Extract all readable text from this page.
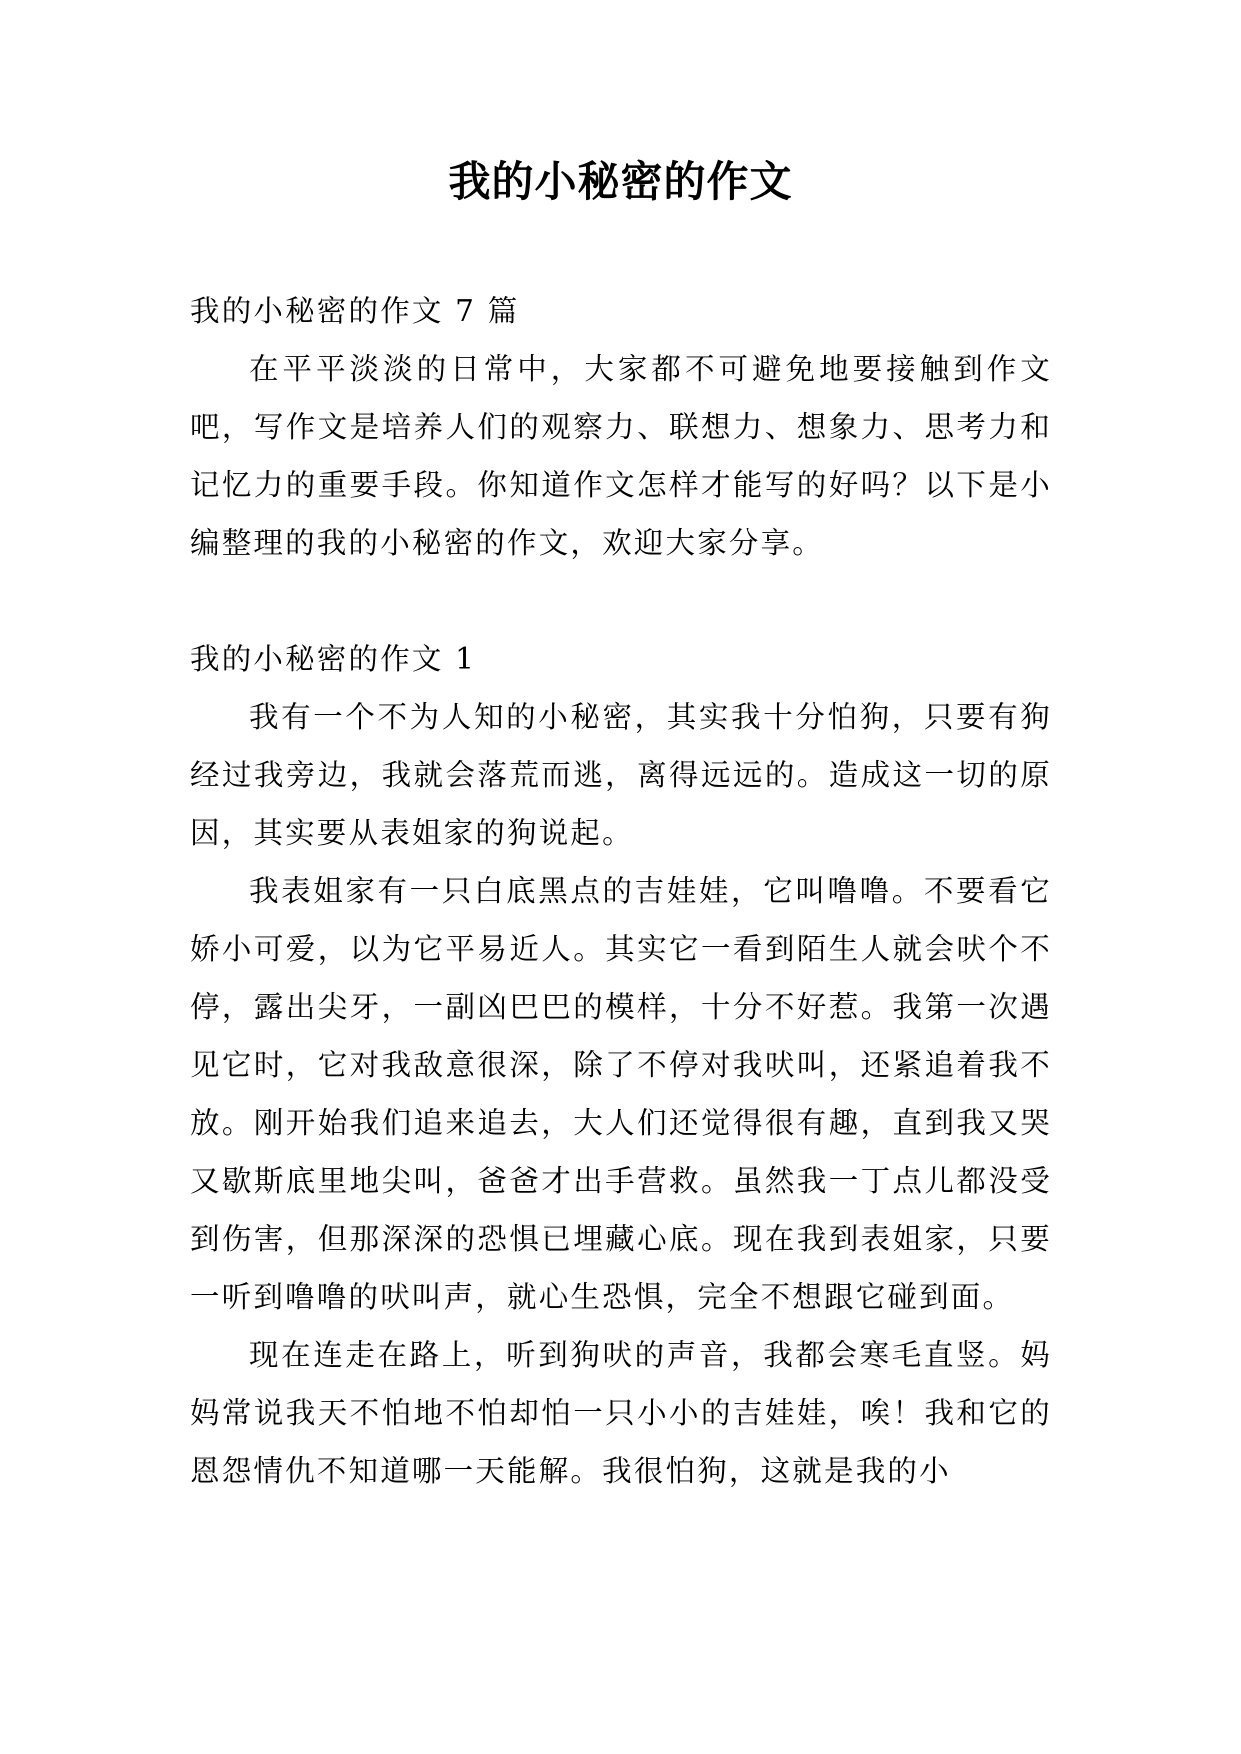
我的小秘密的作文

我的小秘密的作文 7 篇

在平平淡淡的日常中，大家都不可避免地要接触到作文吧，写作文是培养人们的观察力、联想力、想象力、思考力和记忆力的重要手段。你知道作文怎样才能写的好吗？以下是小编整理的我的小秘密的作文，欢迎大家分享。

我的小秘密的作文 1

我有一个不为人知的小秘密，其实我十分怕狗，只要有狗经过我旁边，我就会落荒而逃，离得远远的。造成这一切的原因，其实要从表姐家的狗说起。

我表姐家有一只白底黑点的吉娃娃，它叫噜噜。不要看它娇小可爱，以为它平易近人。其实它一看到陌生人就会吠个不停，露出尖牙，一副凶巴巴的模样，十分不好惹。我第一次遇见它时，它对我敌意很深，除了不停对我吠叫，还紧追着我不放。刚开始我们追来追去，大人们还觉得很有趣，直到我又哭又歇斯底里地尖叫，爸爸才出手营救。虽然我一丁点儿都没受到伤害，但那深深的恐惧已埋藏心底。现在我到表姐家，只要一听到噜噜的吠叫声，就心生恐惧，完全不想跟它碰到面。

现在连走在路上，听到狗吠的声音，我都会寒毛直竖。妈妈常说我天不怕地不怕却怕一只小小的吉娃娃，唉！我和它的恩怨情仇不知道哪一天能解。我很怕狗，这就是我的小
